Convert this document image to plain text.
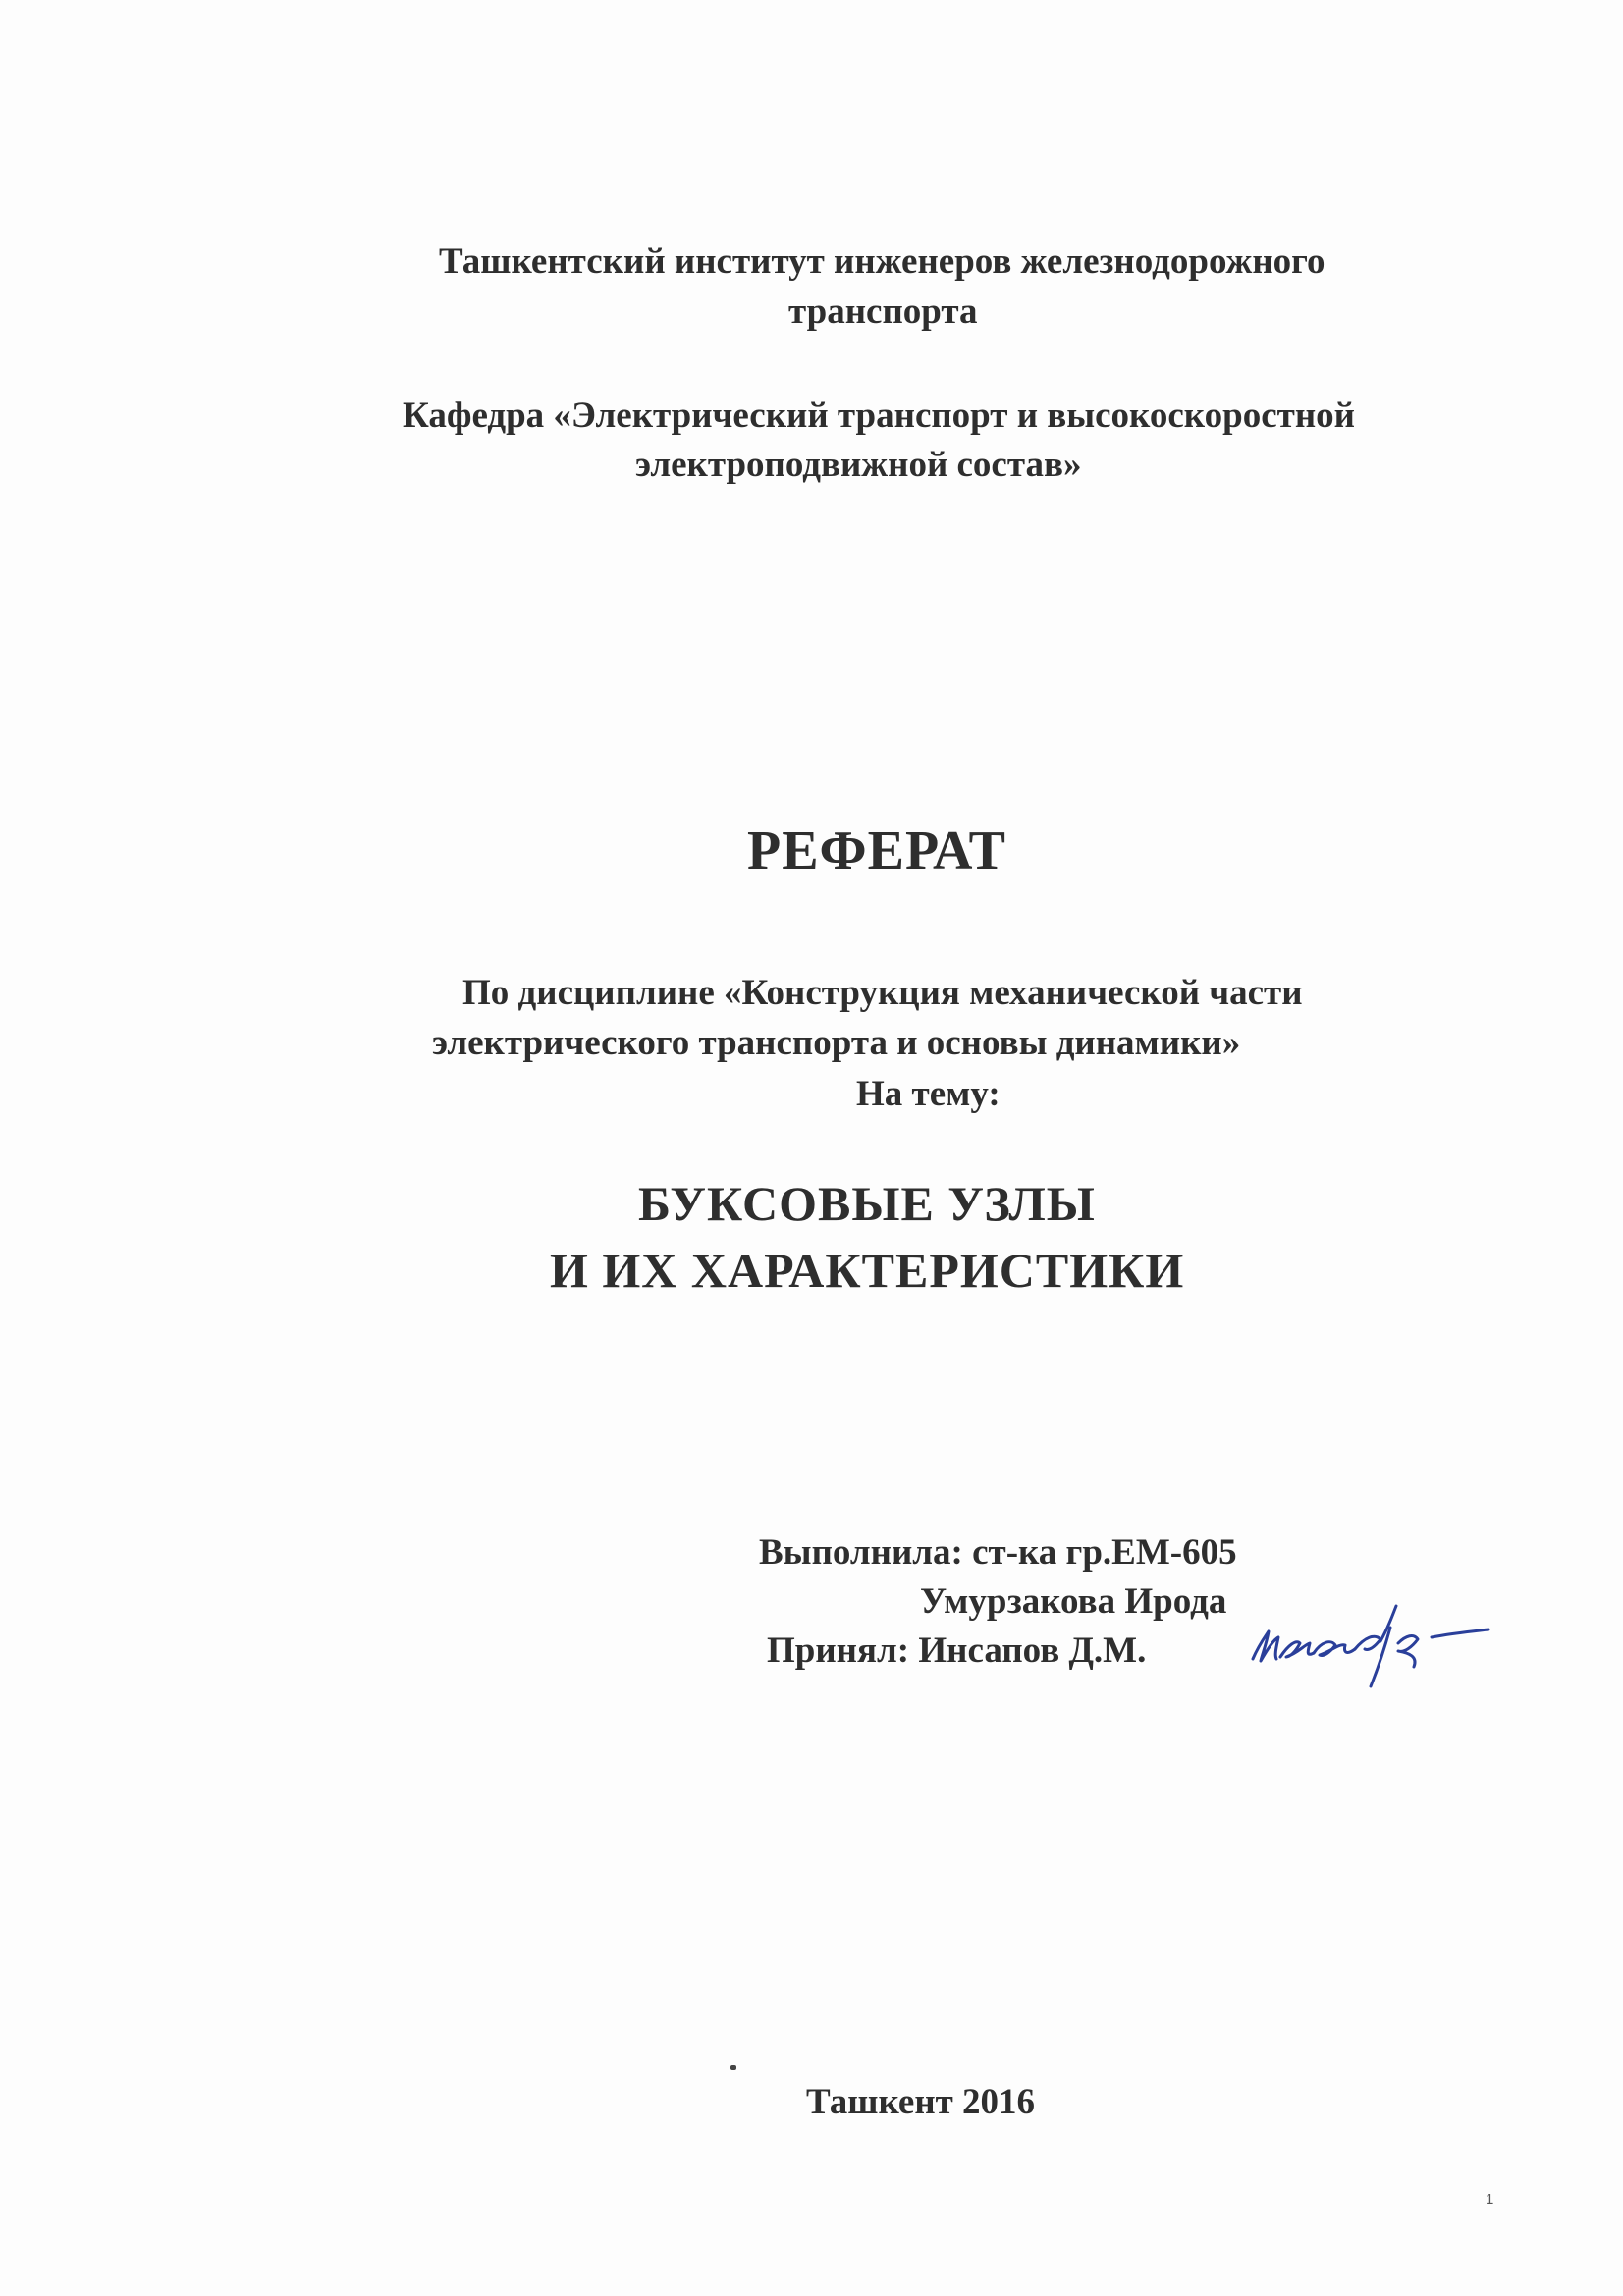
Ташкентский институт инженеров железнодорожного
транспорта
Кафедра «Электрический транспорт и высокоскоростной
электроподвижной состав»
РЕФЕРАТ
По дисциплине «Конструкция механической части
электрического транспорта и основы динамики»
На тему:
БУКСОВЫЕ УЗЛЫ
И ИХ ХАРАКТЕРИСТИКИ
Выполнила: ст-ка гр.ЕМ-605
Умурзакова Ирода
Принял: Инсапов Д.М.
Ташкент 2016
1
